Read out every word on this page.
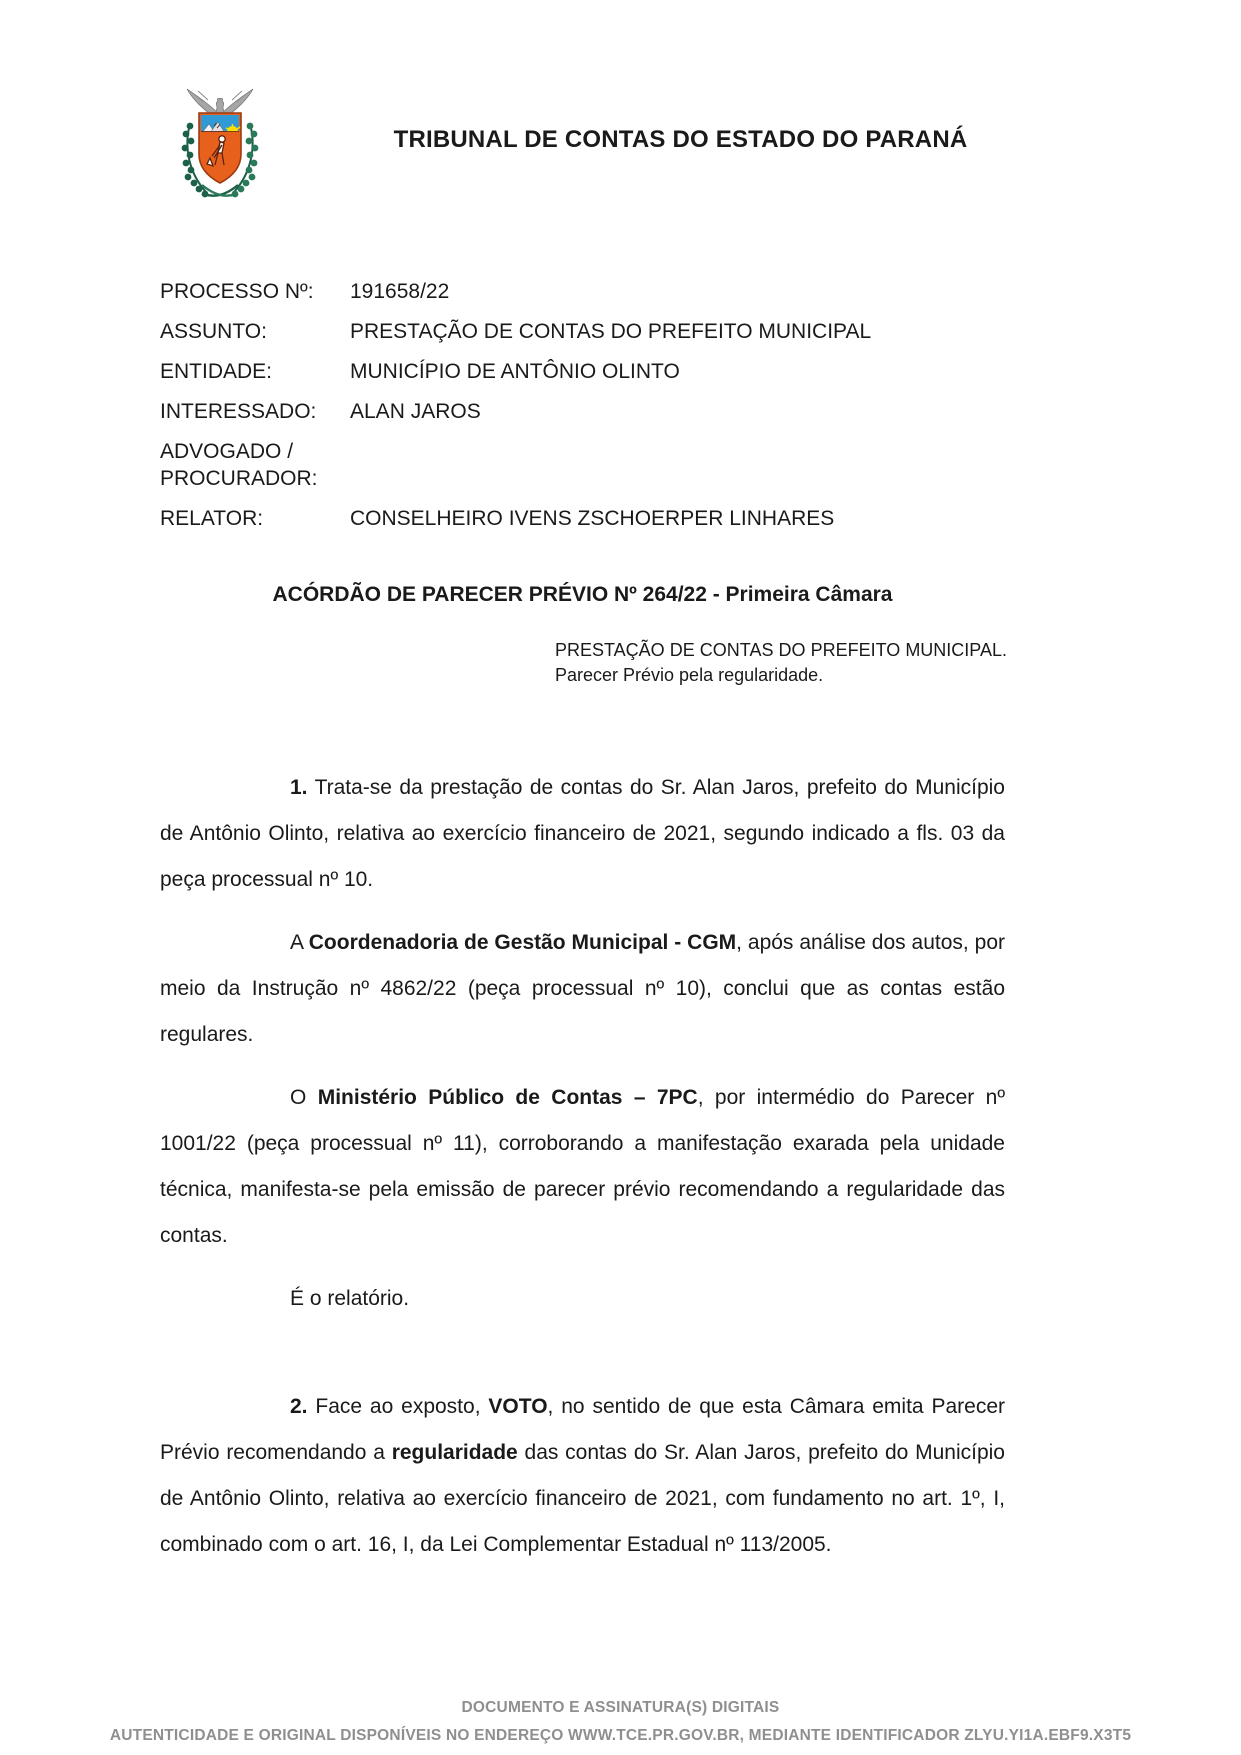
TRIBUNAL DE CONTAS DO ESTADO DO PARANÁ
PROCESSO Nº:	191658/22
ASSUNTO:	PRESTAÇÃO DE CONTAS DO PREFEITO MUNICIPAL
ENTIDADE:	MUNICÍPIO DE ANTÔNIO OLINTO
INTERESSADO:	ALAN JAROS
ADVOGADO / PROCURADOR:
RELATOR:	CONSELHEIRO IVENS ZSCHOERPER LINHARES
ACÓRDÃO DE PARECER PRÉVIO Nº 264/22 - Primeira Câmara
PRESTAÇÃO DE CONTAS DO PREFEITO MUNICIPAL. Parecer Prévio pela regularidade.

1. Trata-se da prestação de contas do Sr. Alan Jaros, prefeito do Município de Antônio Olinto, relativa ao exercício financeiro de 2021, segundo indicado a fls. 03 da peça processual nº 10.

A Coordenadoria de Gestão Municipal - CGM, após análise dos autos, por meio da Instrução nº 4862/22 (peça processual nº 10), conclui que as contas estão regulares.

O Ministério Público de Contas – 7PC, por intermédio do Parecer nº 1001/22 (peça processual nº 11), corroborando a manifestação exarada pela unidade técnica, manifesta-se pela emissão de parecer prévio recomendando a regularidade das contas.

É o relatório.

2. Face ao exposto, VOTO, no sentido de que esta Câmara emita Parecer Prévio recomendando a regularidade das contas do Sr. Alan Jaros, prefeito do Município de Antônio Olinto, relativa ao exercício financeiro de 2021, com fundamento no art. 1º, I, combinado com o art. 16, I, da Lei Complementar Estadual nº 113/2005.

DOCUMENTO E ASSINATURA(S) DIGITAIS
AUTENTICIDADE E ORIGINAL DISPONÍVEIS NO ENDEREÇO WWW.TCE.PR.GOV.BR, MEDIANTE IDENTIFICADOR ZLYU.YI1A.EBF9.X3T5
